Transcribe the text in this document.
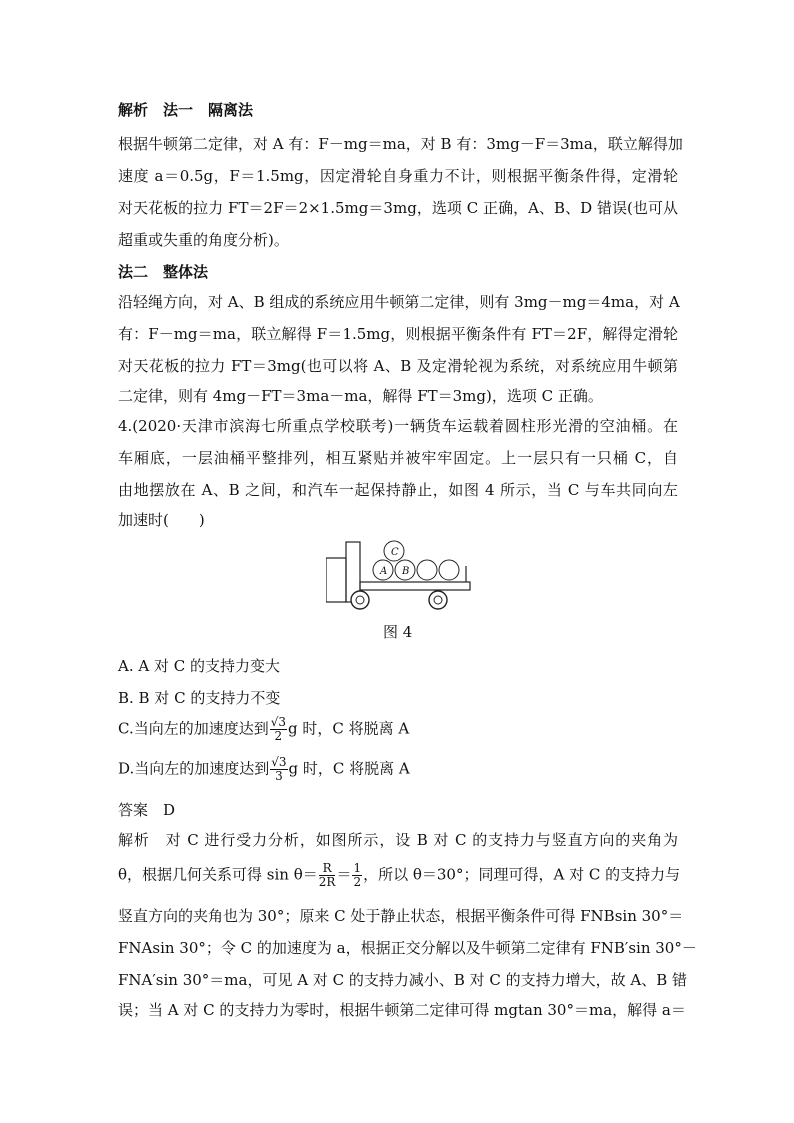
解析　法一　隔离法
根据牛顿第二定律，对 A 有：F－mg＝ma，对 B 有：3mg－F＝3ma，联立解得加
速度 a＝0.5g，F＝1.5mg，因定滑轮自身重力不计，则根据平衡条件得，定滑轮
对天花板的拉力 FT＝2F＝2×1.5mg＝3mg，选项 C 正确，A、B、D 错误(也可从
超重或失重的角度分析)。
法二　整体法
沿轻绳方向，对 A、B 组成的系统应用牛顿第二定律，则有 3mg－mg＝4ma，对 A
有：F－mg＝ma，联立解得 F＝1.5mg，则根据平衡条件有 FT＝2F，解得定滑轮
对天花板的拉力 FT＝3mg(也可以将 A、B 及定滑轮视为系统，对系统应用牛顿第
二定律，则有 4mg－FT＝3ma－ma，解得 FT＝3mg)，选项 C 正确。
4.(2020·天津市滨海七所重点学校联考)一辆货车运载着圆柱形光滑的空油桶。在
车厢底，一层油桶平整排列，相互紧贴并被牢牢固定。上一层只有一只桶 C，自
由地摆放在 A、B 之间，和汽车一起保持静止，如图 4 所示，当 C 与车共同向左
加速时(　　)
A. A 对 C 的支持力变大
B. B 对 C 的支持力不变
C.当向左的加速度达到 $\frac{√3}{2}$ g 时，C 将脱离 A
D.当向左的加速度达到 $\frac{√3}{3}$ g 时，C 将脱离 A
答案　D
解析　对 C 进行受力分析，如图所示，设 B 对 C 的支持力与竖直方向的夹角为
θ，根据几何关系可得 $\sin \theta= \frac{R}{2R} = \frac{1}{2}$ ，所以 θ＝30°；同理可得，A 对 C 的支持力与
竖直方向的夹角也为 30°；原来 C 处于静止状态，根据平衡条件可得 FNBsin 30°＝
FNAsin 30°；令 C 的加速度为 a，根据正交分解以及牛顿第二定律有 FNB′sin 30°－
FNA′sin 30°＝ma，可见 A 对 C 的支持力减小、B 对 C 的支持力增大，故 A、B 错
误；当 A 对 C 的支持力为零时，根据牛顿第二定律可得 mgtan 30°＝ma，解得 a＝
A B
C
图 4
